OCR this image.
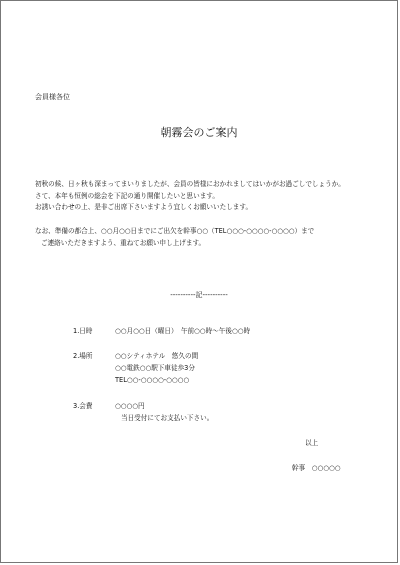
会員様各位
朝霧会のご案内
初秋の候、日ヶ秋も深まってまいりましたが、会員の皆様におかれましてはいかがお過ごしでしょうか。
さて、本年も恒例の総会を下記の通り開催したいと思います。
お誘い合わせの上、是非ご出席下さいますよう宜しくお願いいたします。
なお、準備の都合上、○○月○○日までにご出欠を幹事○○（TEL○○○-○○○○-○○○○）まで
ご連絡いただきますよう、重ねてお願い申し上げます。
----------記----------
1.日時	○○月○○日（曜日）　午前○○時～午後○○時
2.場所	○○シティホテル　悠久の間
○○電鉄○○駅下車徒歩3分
TEL○○-○○○○-○○○○
3.会費	○○○○円
当日受付にてお支払い下さい。
以上
幹事　○○○○○
